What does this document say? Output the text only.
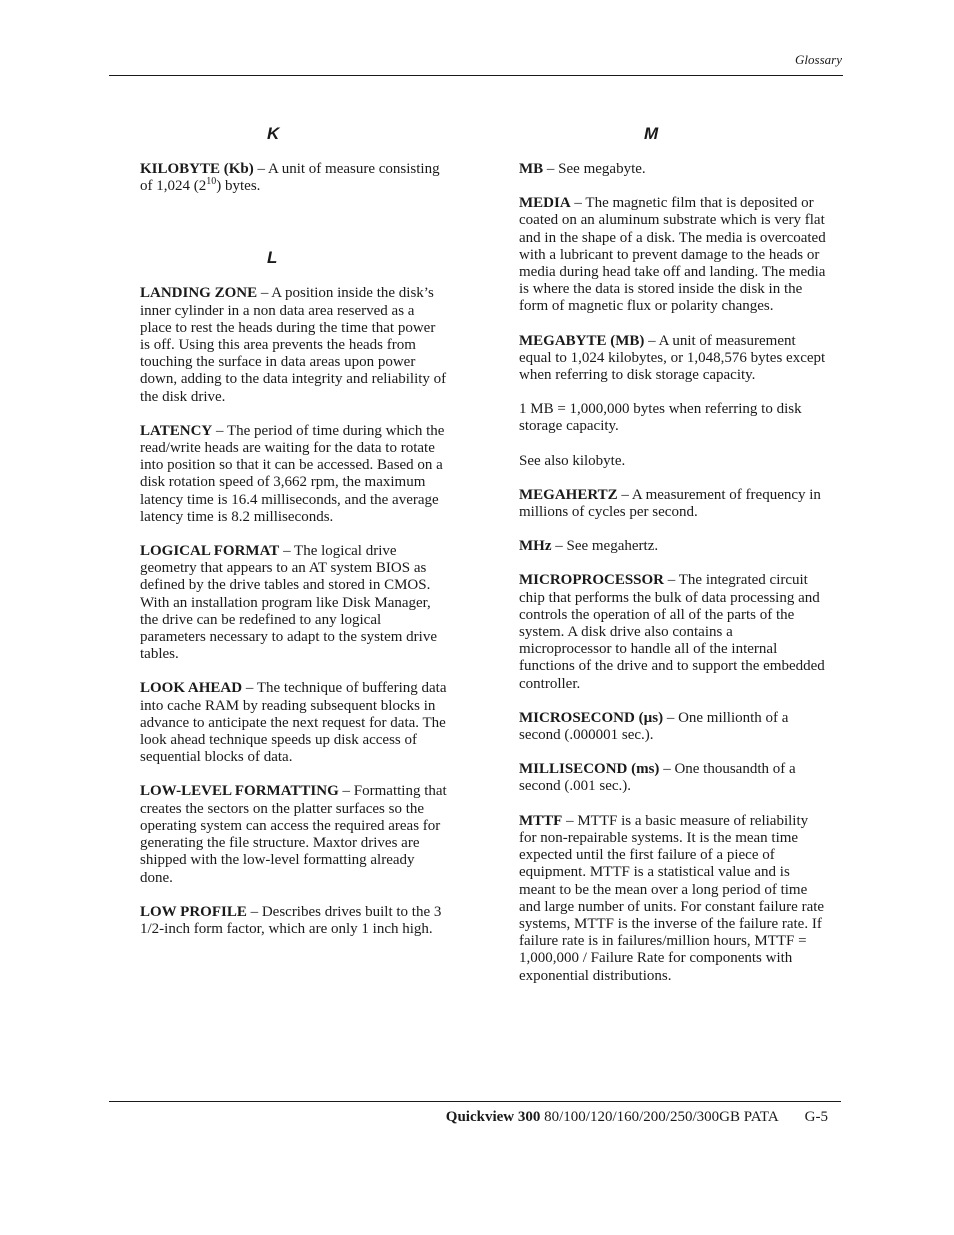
Glossary
K

KILOBYTE (Kb) – A unit of measure consisting of 1,024 $(2^{10})$ bytes.

L

LANDING ZONE – A position inside the disk’s inner cylinder in a non data area reserved as a place to rest the heads during the time that power is off. Using this area prevents the heads from touching the surface in data areas upon power down, adding to the data integrity and reliability of the disk drive.

LATENCY – The period of time during which the read/write heads are waiting for the data to rotate into position so that it can be accessed. Based on a disk rotation speed of 3,662 rpm, the maximum latency time is 16.4 milliseconds, and the average latency time is 8.2 milliseconds.

LOGICAL FORMAT – The logical drive geometry that appears to an AT system BIOS as defined by the drive tables and stored in CMOS. With an installation program like Disk Manager, the drive can be redefined to any logical parameters necessary to adapt to the system drive tables.

LOOK AHEAD – The technique of buffering data into cache RAM by reading subsequent blocks in advance to anticipate the next request for data. The look ahead technique speeds up disk access of sequential blocks of data.

LOW-LEVEL FORMATTING – Formatting that creates the sectors on the platter surfaces so the operating system can access the required areas for generating the file structure. Maxtor drives are shipped with the low-level formatting already done.

LOW PROFILE – Describes drives built to the 3 1/2-inch form factor, which are only 1 inch high.

M

MB – See megabyte.

MEDIA – The magnetic film that is deposited or coated on an aluminum substrate which is very flat and in the shape of a disk. The media is overcoated with a lubricant to prevent damage to the heads or media during head take off and landing. The media is where the data is stored inside the disk in the form of magnetic flux or polarity changes.

MEGABYTE (MB) – A unit of measurement equal to 1,024 kilobytes, or 1,048,576 bytes except when referring to disk storage capacity.

1 MB = 1,000,000 bytes when referring to disk storage capacity.

See also kilobyte.

MEGAHERTZ – A measurement of frequency in millions of cycles per second.

MHz – See megahertz.

MICROPROCESSOR – The integrated circuit chip that performs the bulk of data processing and controls the operation of all of the parts of the system. A disk drive also contains a microprocessor to handle all of the internal functions of the drive and to support the embedded controller.

MICROSECOND (µs) – One millionth of a second (.000001 sec.).

MILLISECOND (ms) – One thousandth of a second (.001 sec.).

MTTF – MTTF is a basic measure of reliability for non-repairable systems. It is the mean time expected until the first failure of a piece of equipment. MTTF is a statistical value and is meant to be the mean over a long period of time and large number of units. For constant failure rate systems, MTTF is the inverse of the failure rate. If failure rate is in failures/million hours, MTTF = 1,000,000 / Failure Rate for components with exponential distributions.

Quickview 300 80/100/120/160/200/250/300GB PATA G-5
